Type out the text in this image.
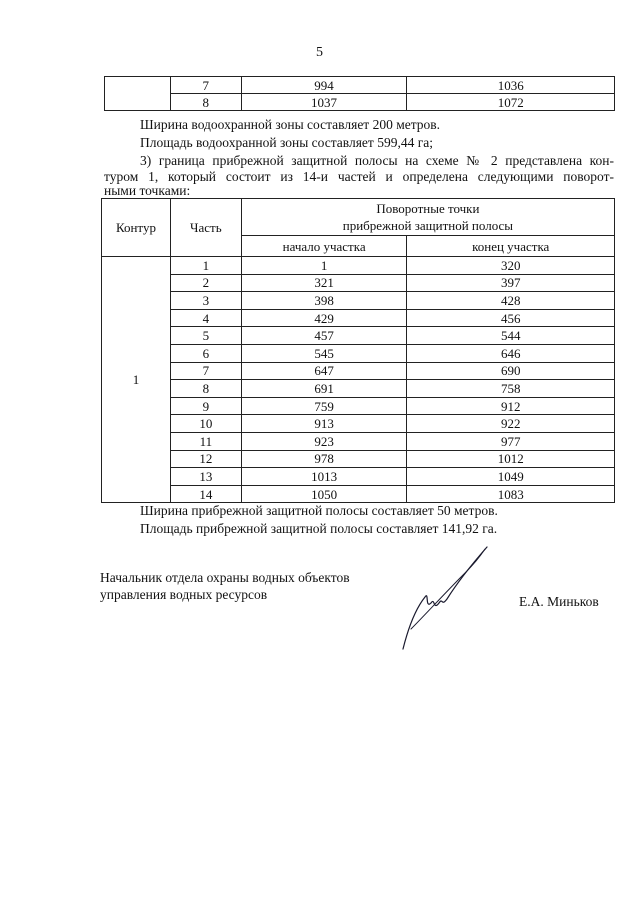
5
	7	994	1036
	8	1037	1072
Ширина водоохранной зоны составляет 200 метров.
Площадь водоохранной зоны составляет 599,44 га;
3) граница прибрежной защитной полосы на схеме № 2 представлена кон-
туром 1, который состоит из 14-и частей и определена следующими поворот-
ными точками:
Контур	Часть	Поворотные точки
прибрежной защитной полосы	

		начало участка	конец участка
1	1	1	320
	2	321	397
	3	398	428
	4	429	456
	5	457	544
	6	545	646
	7	647	690
	8	691	758
	9	759	912
	10	913	922
	11	923	977
	12	978	1012
	13	1013	1049
	14	1050	1083
Ширина прибрежной защитной полосы составляет 50 метров.
Площадь прибрежной защитной полосы составляет 141,92 га.
Начальник отдела охраны водных объектов
управления водных ресурсов	Е.А. Миньков
